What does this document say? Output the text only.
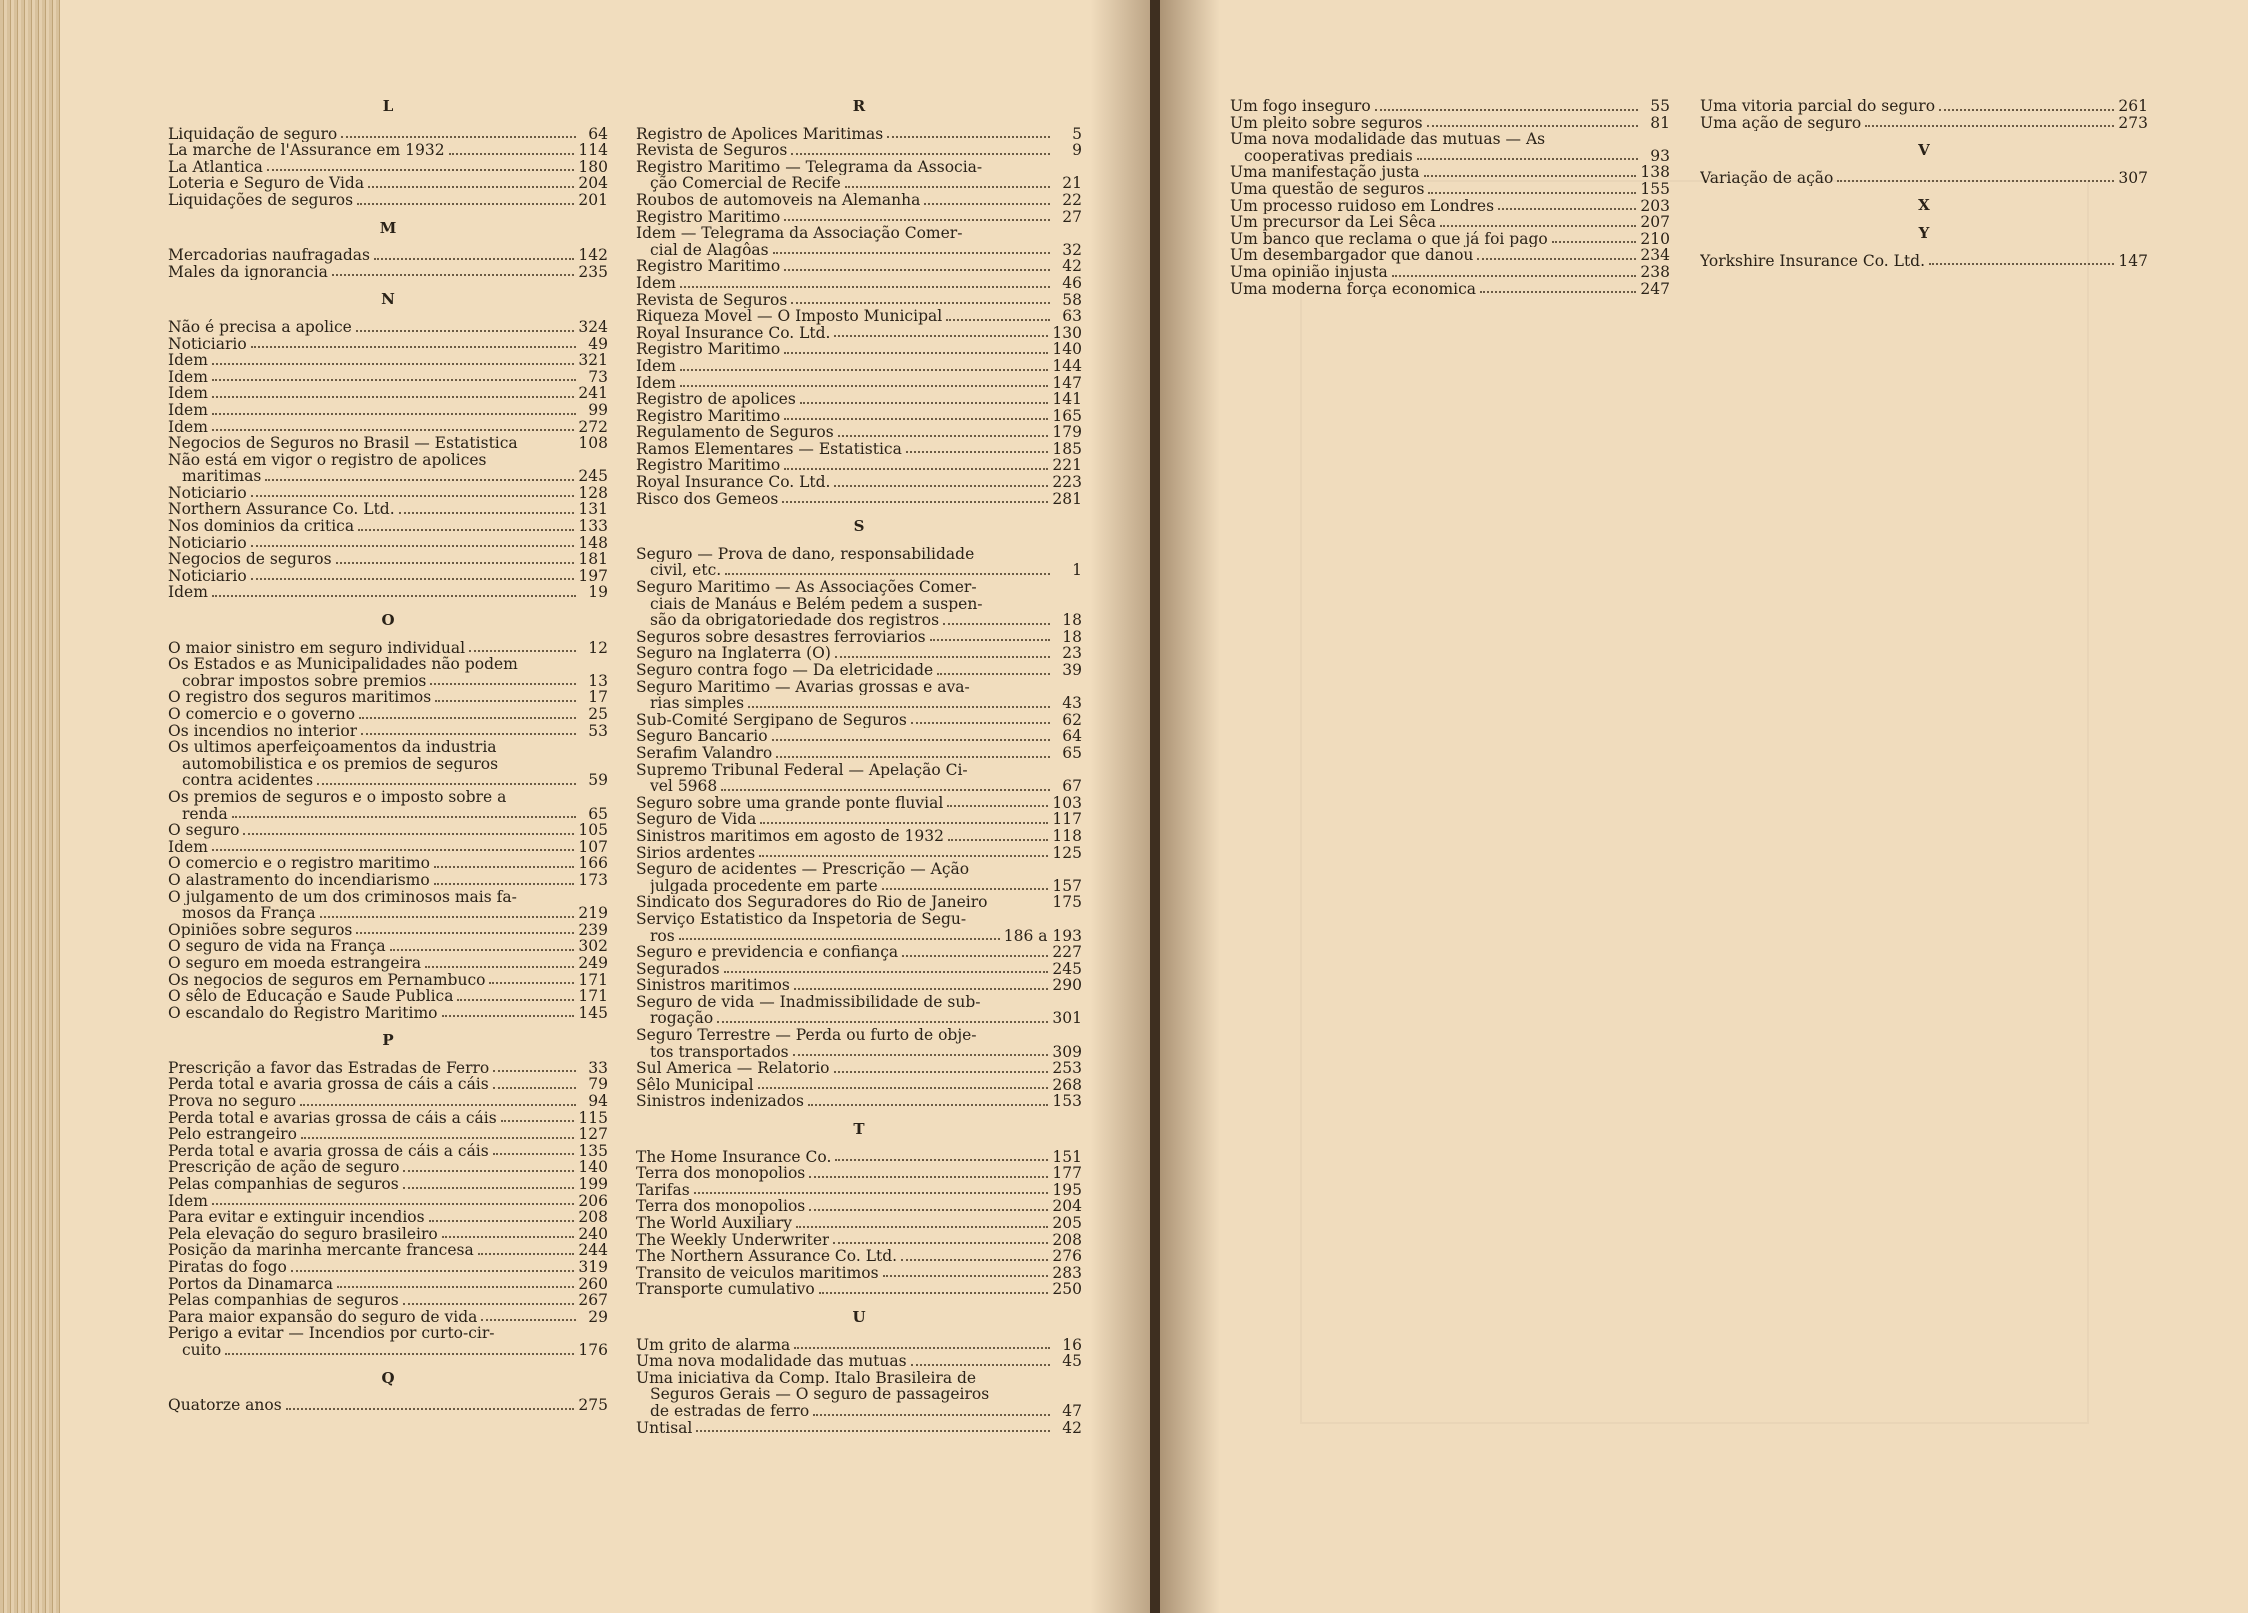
L
Liquidação de seguro	64
La marche de l'Assurance em 1932	114
La Atlantica	180
Loteria e Seguro de Vida	204
Liquidações de seguros	201
M
Mercadorias naufragadas	142
Males da ignorancia	235
N
Não é precisa a apolice	324
Noticiario	49
Idem	321
Idem	73
Idem	241
Idem	99
Idem	272
Negocios de Seguros no Brasil — Estatistica	108
Não está em vigor o registro de apolices
maritimas	245
Noticiario	128
Northern Assurance Co. Ltd.	131
Nos dominios da critica	133
Noticiario	148
Negocios de seguros	181
Noticiario	197
Idem	19
O
O maior sinistro em seguro individual	12
Os Estados e as Municipalidades não podem
cobrar impostos sobre premios	13
O registro dos seguros maritimos	17
O comercio e o governo	25
Os incendios no interior	53
Os ultimos aperfeiçoamentos da industria
automobilistica e os premios de seguros
contra acidentes	59
Os premios de seguros e o imposto sobre a
renda	65
O seguro	105
Idem	107
O comercio e o registro maritimo	166
O alastramento do incendiarismo	173
O julgamento de um dos criminosos mais fa-
mosos da França	219
Opiniões sobre seguros	239
O seguro de vida na França	302
O seguro em moeda estrangeira	249
Os negocios de seguros em Pernambuco	171
O sêlo de Educação e Saude Publica	171
O escandalo do Registro Maritimo	145
P
Prescrição a favor das Estradas de Ferro	33
Perda total e avaria grossa de cáis a cáis	79
Prova no seguro	94
Perda total e avarias grossa de cáis a cáis	115
Pelo estrangeiro	127
Perda total e avaria grossa de cáis a cáis	135
Prescrição de ação de seguro	140
Pelas companhias de seguros	199
Idem	206
Para evitar e extinguir incendios	208
Pela elevação do seguro brasileiro	240
Posição da marinha mercante francesa	244
Piratas do fogo	319
Portos da Dinamarca	260
Pelas companhias de seguros	267
Para maior expansão do seguro de vida	29
Perigo a evitar — Incendios por curto-cir-
cuito	176
Q
Quatorze anos	275
R
Registro de Apolices Maritimas	5
Revista de Seguros	9
Registro Maritimo — Telegrama da Associa-
ção Comercial de Recife	21
Roubos de automoveis na Alemanha	22
Registro Maritimo	27
Idem — Telegrama da Associação Comer-
cial de Alagôas	32
Registro Maritimo	42
Idem	46
Revista de Seguros	58
Riqueza Movel — O Imposto Municipal	63
Royal Insurance Co. Ltd.	130
Registro Maritimo	140
Idem	144
Idem	147
Registro de apolices	141
Registro Maritimo	165
Regulamento de Seguros	179
Ramos Elementares — Estatistica	185
Registro Maritimo	221
Royal Insurance Co. Ltd.	223
Risco dos Gemeos	281
S
Seguro — Prova de dano, responsabilidade
civil, etc.	1
Seguro Maritimo — As Associações Comer-
ciais de Manáus e Belém pedem a suspen-
são da obrigatoriedade dos registros	18
Seguros sobre desastres ferroviarios	18
Seguro na Inglaterra (O)	23
Seguro contra fogo — Da eletricidade	39
Seguro Maritimo — Avarias grossas e ava-
rias simples	43
Sub-Comité Sergipano de Seguros	62
Seguro Bancario	64
Serafim Valandro	65
Supremo Tribunal Federal — Apelação Ci-
vel 5968	67
Seguro sobre uma grande ponte fluvial	103
Seguro de Vida	117
Sinistros maritimos em agosto de 1932	118
Sirios ardentes	125
Seguro de acidentes — Prescrição — Ação
julgada procedente em parte	157
Sindicato dos Seguradores do Rio de Janeiro	175
Serviço Estatistico da Inspetoria de Segu-
ros	186 a 193
Seguro e previdencia e confiança	227
Segurados	245
Sinistros maritimos	290
Seguro de vida — Inadmissibilidade de sub-
rogação	301
Seguro Terrestre — Perda ou furto de obje-
tos transportados	309
Sul America — Relatorio	253
Sêlo Municipal	268
Sinistros indenizados	153
T
The Home Insurance Co.	151
Terra dos monopolios	177
Tarifas	195
Terra dos monopolios	204
The World Auxiliary	205
The Weekly Underwriter	208
The Northern Assurance Co. Ltd.	276
Transito de veiculos maritimos	283
Transporte cumulativo	250
U
Um grito de alarma	16
Uma nova modalidade das mutuas	45
Uma iniciativa da Comp. Italo Brasileira de
Seguros Gerais — O seguro de passageiros
de estradas de ferro	47
Untisal	42
Um fogo inseguro	55
Um pleito sobre seguros	81
Uma nova modalidade das mutuas — As
cooperativas prediais	93
Uma manifestação justa	138
Uma questão de seguros	155
Um processo ruidoso em Londres	203
Um precursor da Lei Sêca	207
Um banco que reclama o que já foi pago	210
Um desembargador que danou	234
Uma opinião injusta	238
Uma moderna força economica	247
Uma vitoria parcial do seguro	261
Uma ação de seguro	273
V
Variação de ação	307
X
Y
Yorkshire Insurance Co. Ltd.	147
